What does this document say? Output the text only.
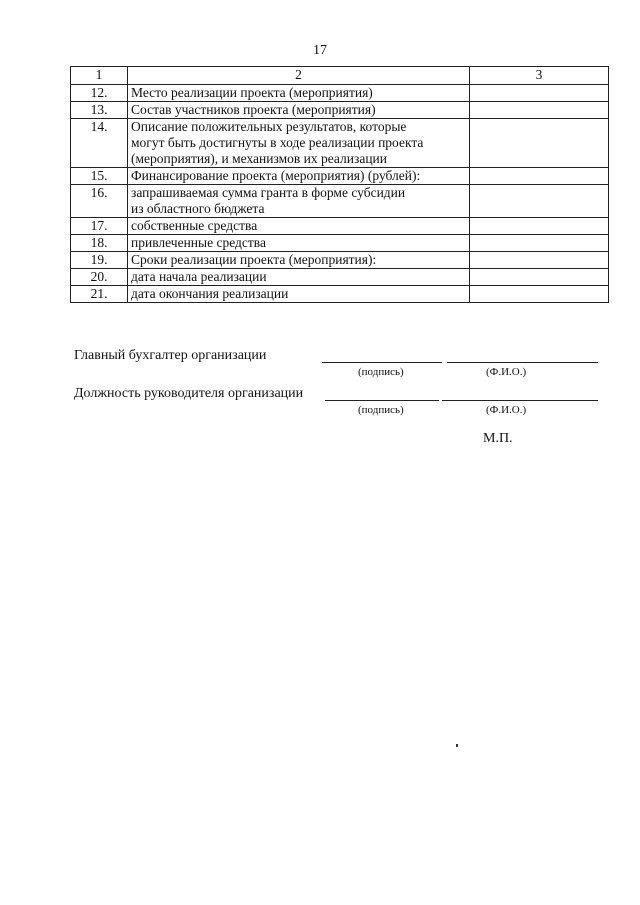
17
1	2	3
12.	Место реализации проекта (мероприятия)	

13.	Состав участников проекта (мероприятия)	

14.	Описание положительных результатов, которые
могут быть достигнуты в ходе реализации проекта
(мероприятия), и механизмов их реализации	

15.	Финансирование проекта (мероприятия) (рублей):	

16.	запрашиваемая сумма гранта в форме субсидии
из областного бюджета	

17.	собственные средства	

18.	привлеченные средства	

19.	Сроки реализации проекта (мероприятия):	

20.	дата начала реализации	

21.	дата окончания реализации	

Главный бухгалтер организации
(подпись)	(Ф.И.О.)
Должность руководителя организации
(подпись)	(Ф.И.О.)
М.П.
